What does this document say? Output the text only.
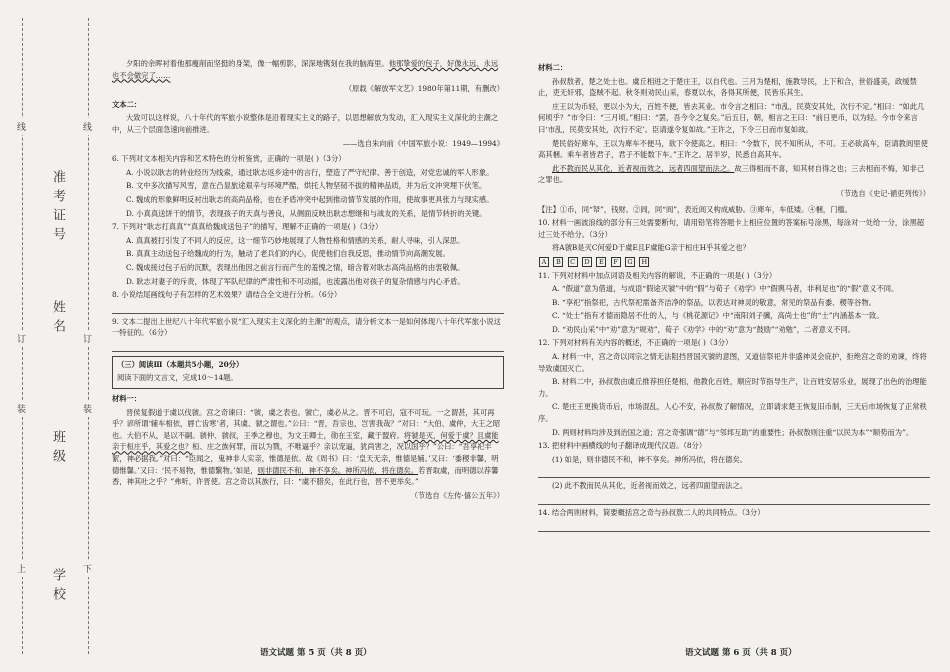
线
订
装
线
订
装
上	下
准考证号
姓名
班级
学校

夕阳的余晖衬着他那瘦削而坚挺的身架，像一幅剪影，深深地镌刻在我的脑海里。他那挚爱的包子，好像永远、永远也不会做完了……

（原载《解放军文艺》1980年第11期，有删改）

文本二：

大致可以这样说，八十年代的军旅小说整体是沿着现实主义的路子，以思想解放为发动，汇入现实主义深化的主潮之中，从三个层面急速向前推进。

——选自朱向前《中国军旅小说：1949—1994》

6. 下列对文本相关内容和艺术特色的分析鉴赏，正确的一项是( )（3分）

A. 小说以耿志的转业经历为线索，通过耿志返乡途中的言行，塑造了严守纪律、善于创造，对党忠诚的军人形象。

B. 文中多次描写风雪，意在凸显旅途艰辛与环境严酷，烘托人物坚韧不拔的精神品质，并为后文冲突埋下伏笔。

C. 魏成的形象鲜明反衬出耿志的高尚品格，也在矛盾冲突中起到推动情节发展的作用，使故事更具张力与现实感。

D. 小真真送饼干的情节，表现孩子的天真与善良，从侧面反映出耿志想继和与战友的关系，是情节转折的关键。

7. 下列对“耿志打真真”“真真给魏成送包子”的描写，理解不正确的一项是( )（3分）

A. 真真被打引发了不同人的反应，这一细节巧妙地展现了人物性格和情感的关系，耐人寻味，引人深思。

B. 真真主动送包子给魏成的行为，触动了老兵们的内心，促使他们自我反思，推动情节向高潮发展。

C. 魏成接过包子后的沉默，表现出他因之前言行而产生的羞愧之情，暗含着对耿志高尚品格的由衷敬佩。

D. 耿志对妻子的斥责，体现了军队纪律的严肃性和不可动摇，也流露出他对孩子的复杂情感与内心矛盾。

8. 小说结尾画线句子有怎样的艺术效果？请结合全文进行分析。（6分）

9. 文本二提出上世纪八十年代军旅小说“汇入现实主义深化的主潮”的观点，请分析文本一是如何体现八十年代军旅小说这一特征的。（6分）

（三）阅读Ⅲ（本题共5小题，20分）

阅读下面的文言文，完成10～14题。

材料一：

晋侯复假道于虞以伐虢。宫之奇谏曰：“虢，虞之表也。虢亡，虞必从之。晋不可启，寇不可玩。一之谓甚，其可再乎？谚所谓‘辅车相依，唇亡齿寒’者，其虞、虢之谓也。”公曰：“晋，吾宗也，岂害我哉？”对曰：“大伯、虞仲，大王之昭也。大伯不从，是以不嗣。虢仲、虢叔，王季之穆也，为文王卿士，勋在王室，藏于盟府。将虢是灭，何爱于虞？且虞能亲于桓庄乎，其爱之也？桓、庄之族何罪，而以为戮，不唯逼乎？亲以宠逼，犹尚害之，况以国乎？”公曰：“吾享祀丰絜，神必据我。”对曰：“臣闻之，鬼神非人实亲，惟德是依。故《周书》曰：‘皇天无亲，惟德是辅。’又曰：‘黍稷非馨，明德惟馨。’又曰：‘民不易物，惟德繄物。’如是，则非德民不和，神不享矣。神所冯依，将在德矣。若晋取虞，而明德以荐馨香，神其吐之乎？”弗听，许晋使。宫之奇以其族行，曰：“虞不腊矣，在此行也，晋不更举矣。”

（节选自《左传·僖公五年》）

语文试题 第 5 页（共 8 页）

材料二：

孙叔敖者，楚之处士也。虞丘相进之于楚庄王，以自代也。三月为楚相，施教导民，上下和合，世俗盛美，政缓禁止，吏无奸邪，盗贼不起。秋冬则劝民山采，春夏以水，各得其所便，民皆乐其生。

庄王以为币轻，更以小为大，百姓不便，皆去其业。市令言之相曰：“市乱，民莫安其处，次行不定。”相曰：“如此几何顷乎？”市令曰：“三月顷。”相曰：“罢，吾今令之复矣。”后五日，朝，相言之王曰：“前日更币，以为轻。今市令来言曰‘市乱，民莫安其处，次行不定’。臣请遂令复如故。”王许之，下令三日而市复如故。

楚民俗好庳车，王以为庳车不便马，欲下令使高之。相曰：“令数下，民不知所从，不可。王必欲高车，臣请教闾里使高其梱。乘车者皆君子，君子不能数下车。”王许之。居半岁，民悉自高其车。

此不教而民从其化，近者视而效之，远者四面望而法之。故三得相而不喜，知其材自得之也；三去相而不悔，知非己之罪也。

（节选自《史记·循吏列传》）

【注】①币，同“帑”，钱财。②闾，同“闾”，表近闾又构成威胁。③庳车，车低矮。④梱，门槛。

10. 材料一画波浪线的部分有三处需要断句，请用铅笔将答题卡上相应位置的答案标号涂黑，每涂对一处给一分，涂黑超过三处不给分。（3分）

将A虢B是灭C何爱D于虞E且F虞能G亲于桓庄H乎其爱之也？

A B C D E F G H

11. 下列对材料中加点词语及相关内容的解说，不正确的一项是( )（3分）

A. “假道”意为借道，与成语“假途灭虢”中的“假”与荀子《劝学》中“假舆马者，非利足也”的“假”意义不同。

B. “享祀”指祭祀，古代祭祀需备齐洁净的祭品，以表达对神灵的敬意，常见的祭品有黍、稷等谷物。

C. “处士”指有才德而隐居不仕的人，与《桃花源记》中“南阳刘子骥，高尚士也”的“士”内涵基本一致。

D. “劝民山采”中“劝”意为“规劝”，荀子《劝学》中的“劝”意为“鼓励”“劝勉”，二者意义不同。

12. 下列对材料有关内容的概述，不正确的一项是( )（3分）

A. 材料一中，宫之奇以同宗之情无法阻挡晋国灭虢的意图，又道信祭祀并非盛神灵会庇护，拒绝宫之奇的劝谏，终将导致虞国灭亡。

B. 材料二中，孙叔敖由虞丘推荐担任楚相，他教化百姓，顺应时节指导生产，让百姓安居乐业，展现了出色的治理能力。

C. 楚庄王更换货币后，市场混乱，人心不安，孙叔敖了解情况，立即请求楚王恢复旧币制，三天后市场恢复了正常秩序。

D. 两则材料均涉及到治国之道；宫之奇强调“德”与“邻邦互助”的重要性；孙叔敖则注重“以民为本”“顺势而为”。

13. 把材料中画横线的句子翻译成现代汉语。（8分）

(1) 如是，则非德民不和，神不享矣。神所冯依，将在德矣。

(2) 此不教而民从其化，近者视而效之，远者四面望而法之。

14. 结合两则材料，简要概括宫之奇与孙叔敖二人的共同特点。（3分）

语文试题 第 6 页（共 8 页）
